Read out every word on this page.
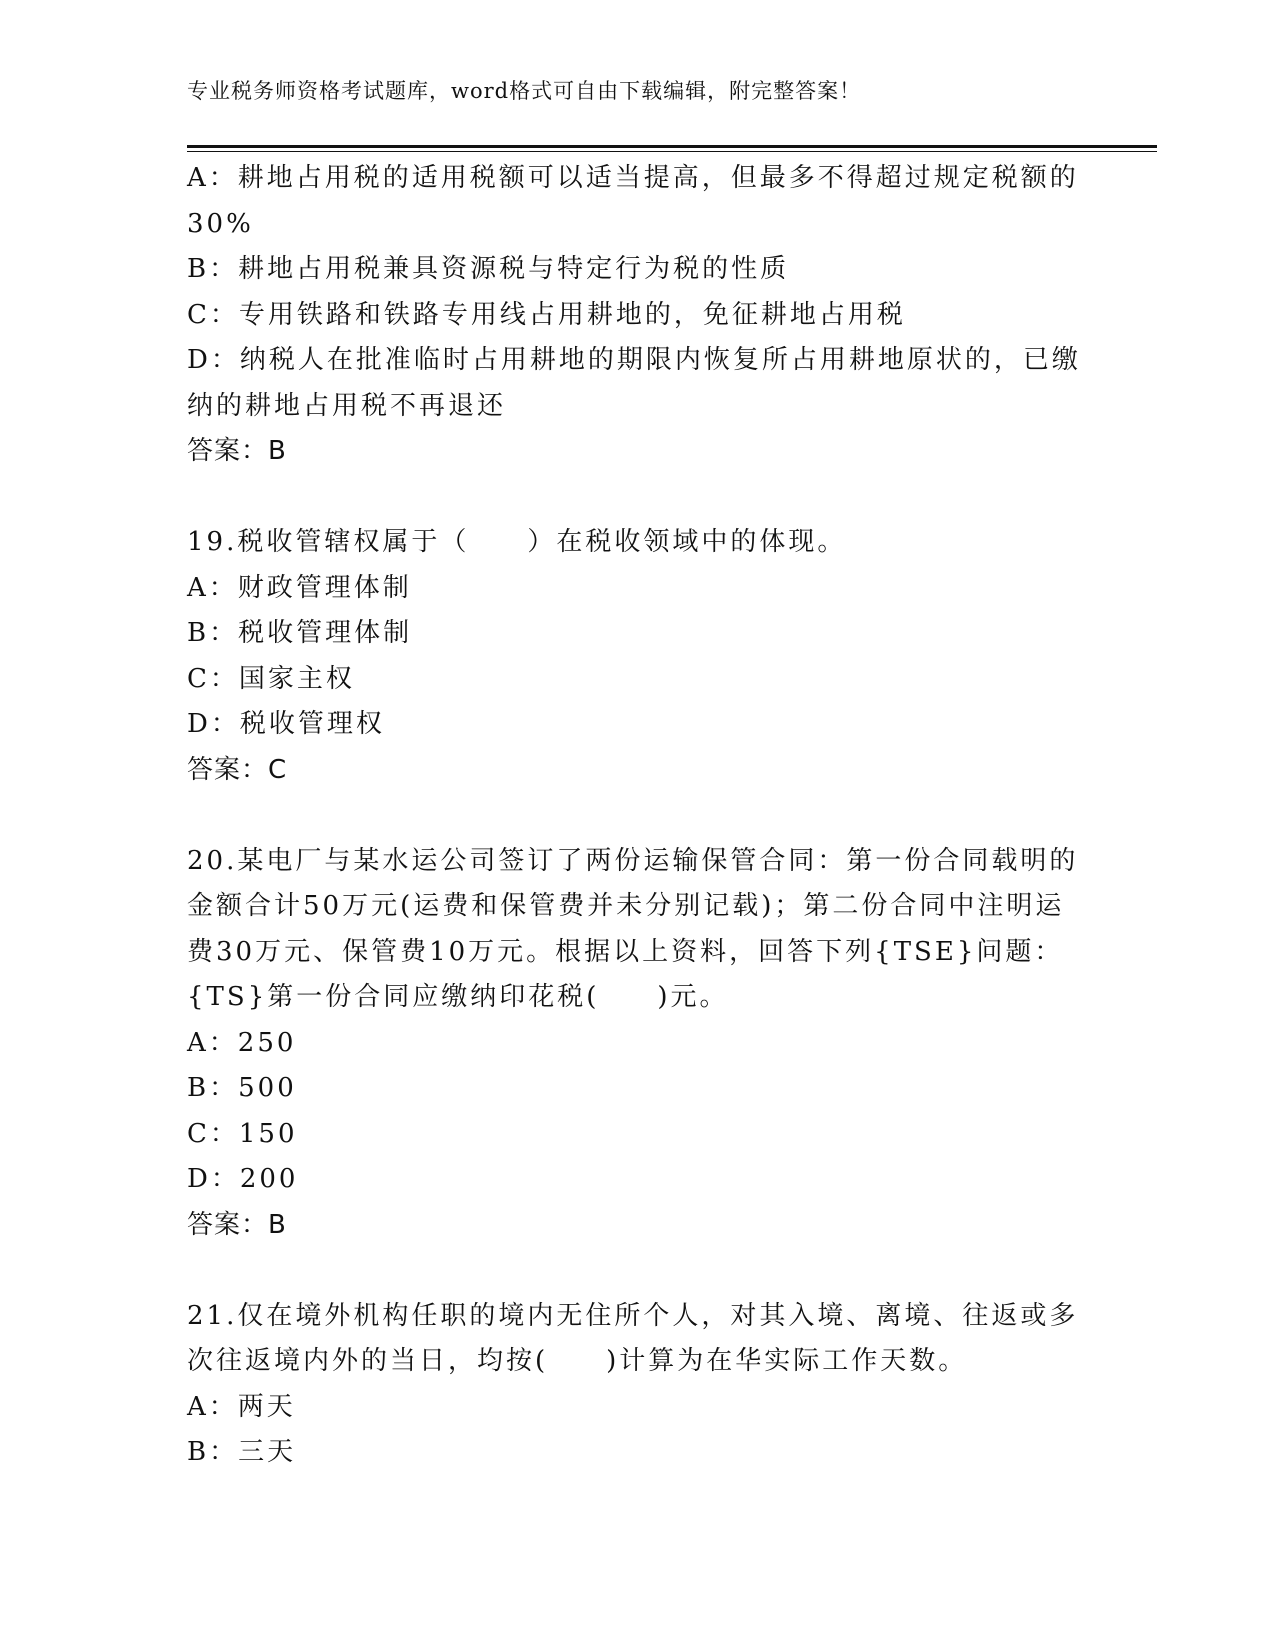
专业税务师资格考试题库，word格式可自由下载编辑，附完整答案！
A：耕地占用税的适用税额可以适当提高，但最多不得超过规定税额的
30%
B：耕地占用税兼具资源税与特定行为税的性质
C：专用铁路和铁路专用线占用耕地的，免征耕地占用税
D：纳税人在批准临时占用耕地的期限内恢复所占用耕地原状的，已缴
纳的耕地占用税不再退还
答案：B
19.税收管辖权属于（　　）在税收领域中的体现。
A：财政管理体制
B：税收管理体制
C：国家主权
D：税收管理权
答案：C
20.某电厂与某水运公司签订了两份运输保管合同：第一份合同载明的
金额合计50万元(运费和保管费并未分别记载)；第二份合同中注明运
费30万元、保管费10万元。根据以上资料，回答下列{TSE}问题：
{TS}第一份合同应缴纳印花税(　　)元。
A：250
B：500
C：150
D：200
答案：B
21.仅在境外机构任职的境内无住所个人，对其入境、离境、往返或多
次往返境内外的当日，均按(　　)计算为在华实际工作天数。
A：两天
B：三天
